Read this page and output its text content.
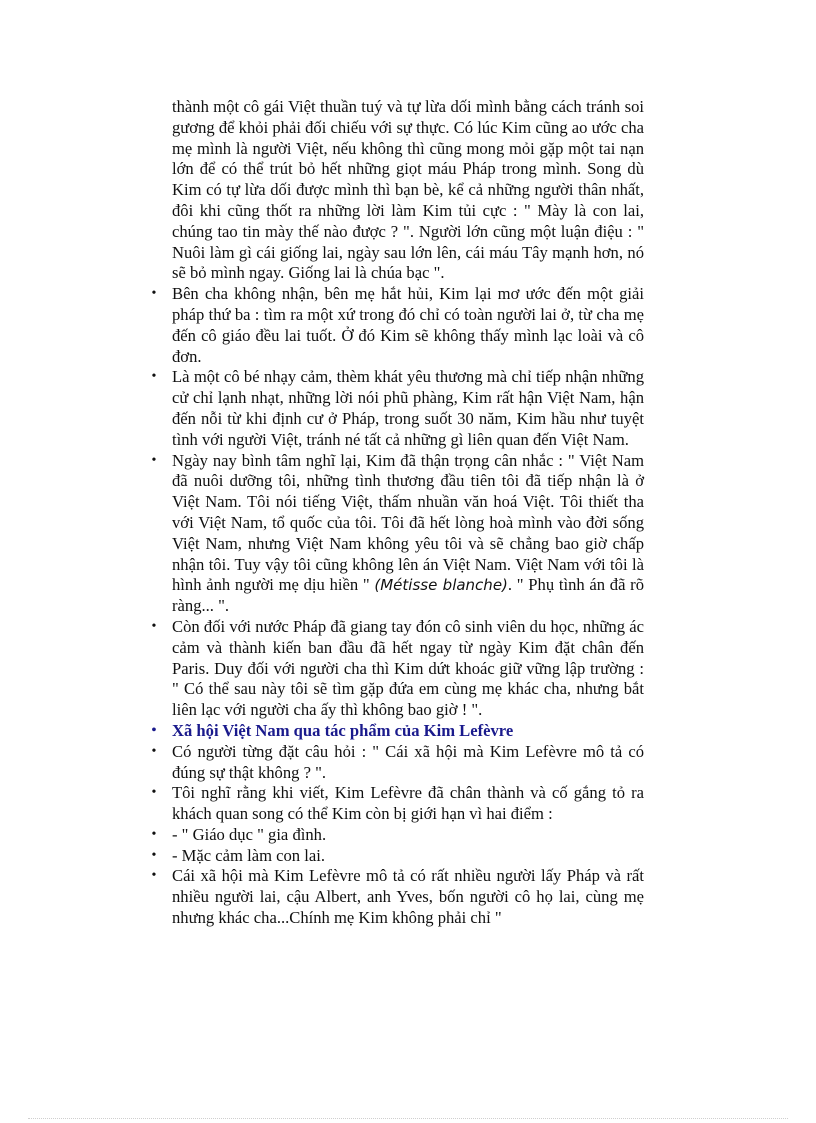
thành một cô gái Việt thuần tuý và tự lừa dối mình bằng cách tránh soi gương để khỏi phải đối chiếu với sự thực. Có lúc Kim cũng ao ước cha mẹ mình là người Việt, nếu không thì cũng mong mỏi gặp một tai nạn lớn để có thể trút bỏ hết những giọt máu Pháp trong mình. Song dù Kim có tự lừa dối được mình thì bạn bè, kể cả những người thân nhất, đôi khi cũng thốt ra những lời làm Kim tủi cực : " Mày là con lai, chúng tao tin mày thế nào được ? ". Người lớn cũng một luận điệu : " Nuôi làm gì cái giống lai, ngày sau lớn lên, cái máu Tây mạnh hơn, nó sẽ bỏ mình ngay. Giống lai là chúa bạc ".

• Bên cha không nhận, bên mẹ hắt hủi, Kim lại mơ ước đến một giải pháp thứ ba : tìm ra một xứ trong đó chỉ có toàn người lai ở, từ cha mẹ đến cô giáo đều lai tuốt. Ở đó Kim sẽ không thấy mình lạc loài và cô đơn.

• Là một cô bé nhạy cảm, thèm khát yêu thương mà chỉ tiếp nhận những cử chỉ lạnh nhạt, những lời nói phũ phàng, Kim rất hận Việt Nam, hận đến nỗi từ khi định cư ở Pháp, trong suốt 30 năm, Kim hầu như tuyệt tình với người Việt, tránh né tất cả những gì liên quan đến Việt Nam.

• Ngày nay bình tâm nghĩ lại, Kim đã thận trọng cân nhắc : " Việt Nam đã nuôi dưỡng tôi, những tình thương đầu tiên tôi đã tiếp nhận là ở Việt Nam. Tôi nói tiếng Việt, thấm nhuần văn hoá Việt. Tôi thiết tha với Việt Nam, tổ quốc của tôi. Tôi đã hết lòng hoà mình vào đời sống Việt Nam, nhưng Việt Nam không yêu tôi và sẽ chẳng bao giờ chấp nhận tôi. Tuy vậy tôi cũng không lên án Việt Nam. Việt Nam với tôi là hình ảnh người mẹ dịu hiền " (Métisse blanche). " Phụ tình án đã rõ ràng... ".

• Còn đối với nước Pháp đã giang tay đón cô sinh viên du học, những ác cảm và thành kiến ban đầu đã hết ngay từ ngày Kim đặt chân đến Paris. Duy đối với người cha thì Kim dứt khoác giữ vững lập trường : " Có thể sau này tôi sẽ tìm gặp đứa em cùng mẹ khác cha, nhưng bắt liên lạc với người cha ấy thì không bao giờ ! ".

• Xã hội Việt Nam qua tác phẩm của Kim Lefèvre

• Có người từng đặt câu hỏi : " Cái xã hội mà Kim Lefèvre mô tả có đúng sự thật không ? ".

• Tôi nghĩ rằng khi viết, Kim Lefèvre đã chân thành và cố gắng tỏ ra khách quan song có thể Kim còn bị giới hạn vì hai điểm :

• - " Giáo dục " gia đình.

• - Mặc cảm làm con lai.

• Cái xã hội mà Kim Lefèvre mô tả có rất nhiều người lấy Pháp và rất nhiều người lai, cậu Albert, anh Yves, bốn người cô họ lai, cùng mẹ nhưng khác cha...Chính mẹ Kim không phải chỉ "
